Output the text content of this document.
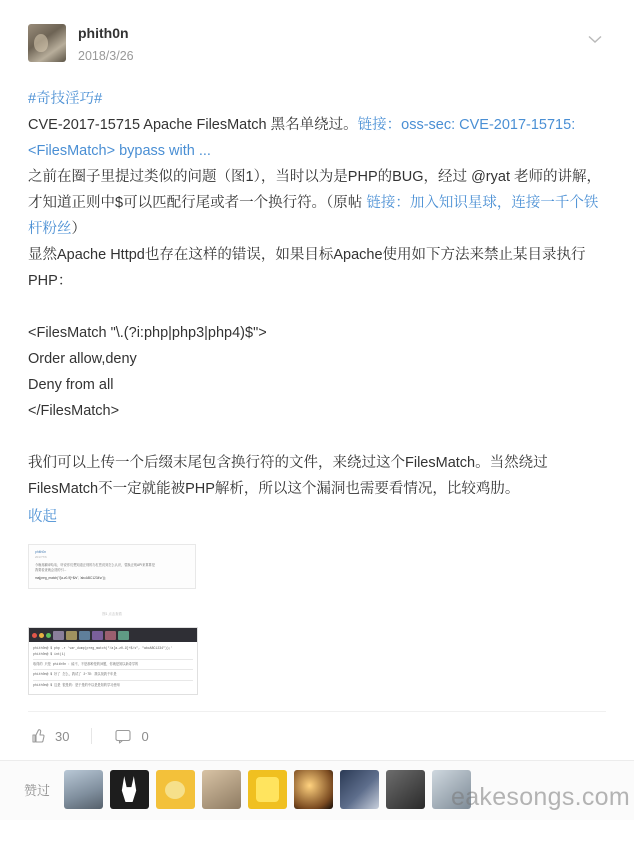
phith0n
2018/3/26

#奇技淫巧#

CVE-2017-15715 Apache FilesMatch 黑名单绕过。链接：oss-sec: CVE-2017-15715: <FilesMatch> bypass with ...

之前在圈子里提过类似的问题（图1），当时以为是PHP的BUG，经过 @ryat 老师的讲解，才知道正则中$可以匹配行尾或者一个换行符。（原帖 链接：加入知识星球，连接一千个铁杆粉丝）

显然Apache Httpd也存在这样的错误，如果目标Apache使用如下方法来禁止某目录执行PHP：

<FilesMatch "\.(?i:php|php3|php4)$">

Order allow,deny

Deny from all

</FilesMatch>

我们可以上传一个后缀末尾包含换行符的文件，来绕过这个FilesMatch。当然绕过FilesMatch不一定就能被PHP解析，所以这个漏洞也需要看情况，比较鸡肋。

收起
phith0n
2017/7/6
今晚再翻译哈哈，听说你们想知道正则的办杠您说到怎么认识，替换正则API来算算是
我要检查就会造的引...
ma[preg_match("/[a-z0-9]+$/s", 'abcABC1234\n'));
图1 点击查看
phith0n@ $ php -r 'var_dump(preg_match("/a[a-z0-9]+$/s", "abcABC1234"));'
phith0n@ $ int(1)
取得的 只是 phith0n ：能不，不是那种是的问题，你就是知以新奇学的
phith0n@ $ 好了 怎么，我试了 2~7D：我以找我千年是
phith0n@ $ 这是 很是的：是于是的中以是是知的学习使用
30	0
赞过	eakesongs.com
